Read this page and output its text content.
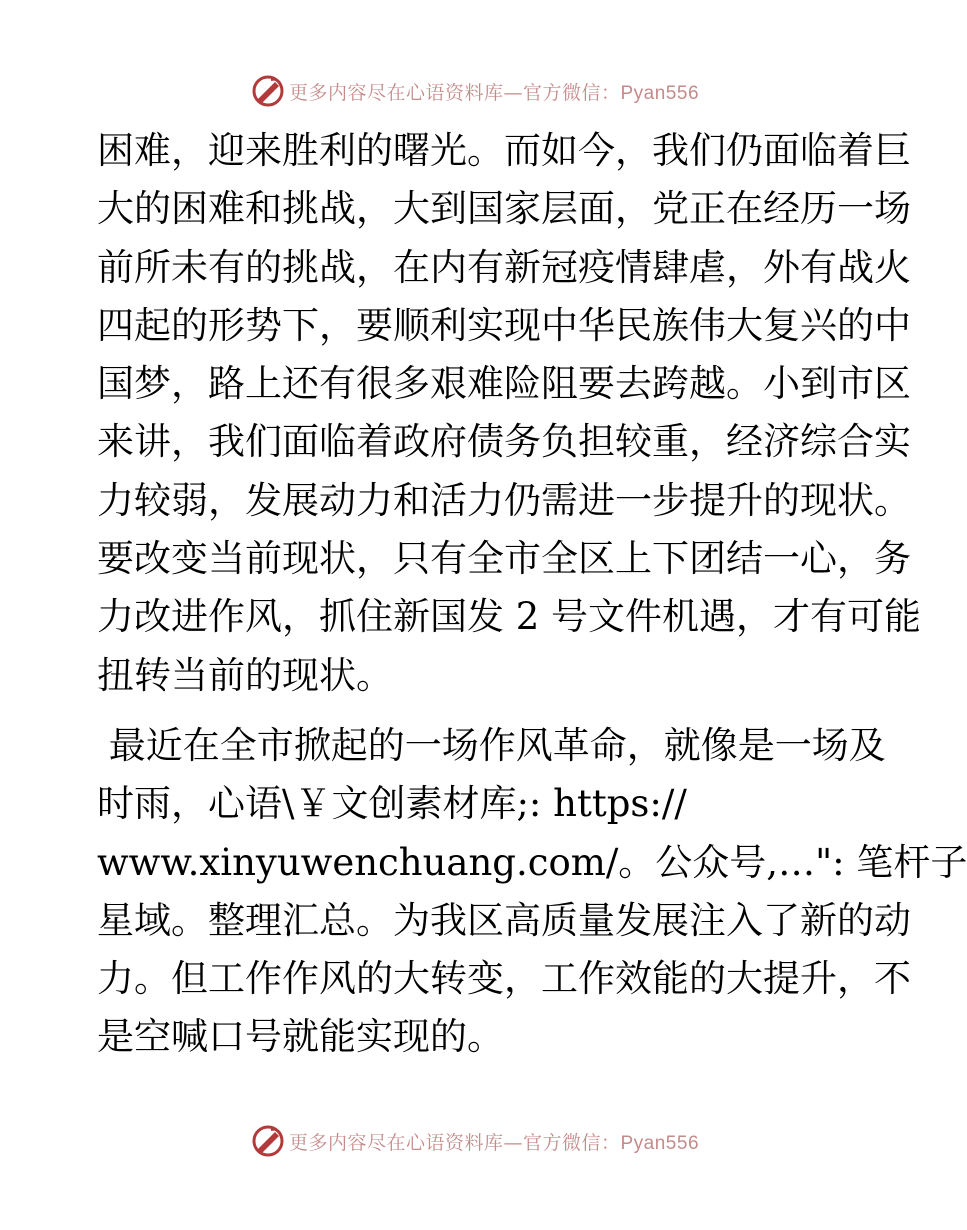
更多内容尽在心语资料库—官方微信：Pyan556
困难，迎来胜利的曙光。而如今，我们仍面临着巨
大的困难和挑战，大到国家层面，党正在经历一场
前所未有的挑战，在内有新冠疫情肆虐，外有战火
四起的形势下，要顺利实现中华民族伟大复兴的中
国梦，路上还有很多艰难险阻要去跨越。小到市区
来讲，我们面临着政府债务负担较重，经济综合实
力较弱，发展动力和活力仍需进一步提升的现状。
要改变当前现状，只有全市全区上下团结一心，务
力改进作风，抓住新国发 2 号文件机遇，才有可能
扭转当前的现状。
最近在全市掀起的一场作风革命，就像是一场及
时雨，心语\￥文创素材库;: https://
www.xinyuwenchuang.com/。公众号,…": 笔杆子
星域。整理汇总。为我区高质量发展注入了新的动
力。但工作作风的大转变，工作效能的大提升，不
是空喊口号就能实现的。
更多内容尽在心语资料库—官方微信：Pyan556
